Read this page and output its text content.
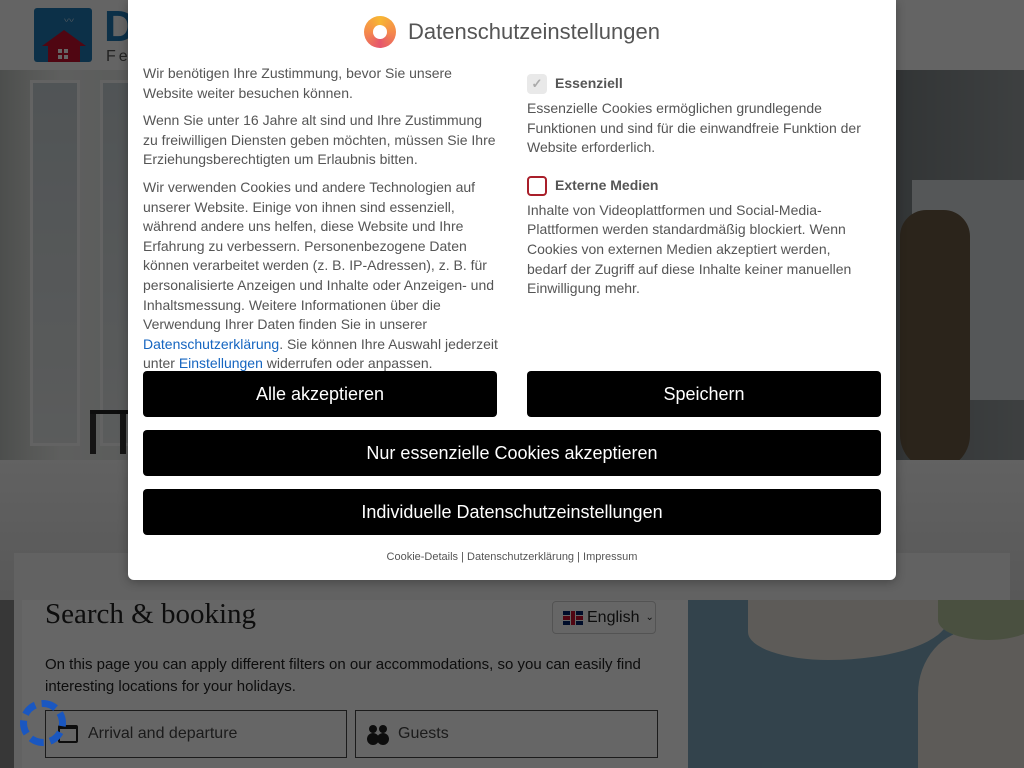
Datenschutzeinstellungen

Wir benötigen Ihre Zustimmung, bevor Sie unsere Website weiter besuchen können.

Wenn Sie unter 16 Jahre alt sind und Ihre Zustimmung zu freiwilligen Diensten geben möchten, müssen Sie Ihre Erziehungsberechtigten um Erlaubnis bitten.

Wir verwenden Cookies und andere Technologien auf unserer Website. Einige von ihnen sind essenziell, während andere uns helfen, diese Website und Ihre Erfahrung zu verbessern. Personenbezogene Daten können verarbeitet werden (z. B. IP-Adressen), z. B. für personalisierte Anzeigen und Inhalte oder Anzeigen- und Inhaltsmessung. Weitere Informationen über die Verwendung Ihrer Daten finden Sie in unserer Datenschutzerklärung. Sie können Ihre Auswahl jederzeit unter Einstellungen widerrufen oder anpassen.

✓ Essenziell

Essenzielle Cookies ermöglichen grundlegende Funktionen und sind für die einwandfreie Funktion der Website erforderlich.

Externe Medien

Inhalte von Videoplattformen und Social-Media-Plattformen werden standardmäßig blockiert. Wenn Cookies von externen Medien akzeptiert werden, bedarf der Zugriff auf diese Inhalte keiner manuellen Einwilligung mehr.

Alle akzeptieren	Speichern
Nur essenzielle Cookies akzeptieren
Individuelle Datenschutzeinstellungen
Cookie-Details | Datenschutzerklärung | Impressum
